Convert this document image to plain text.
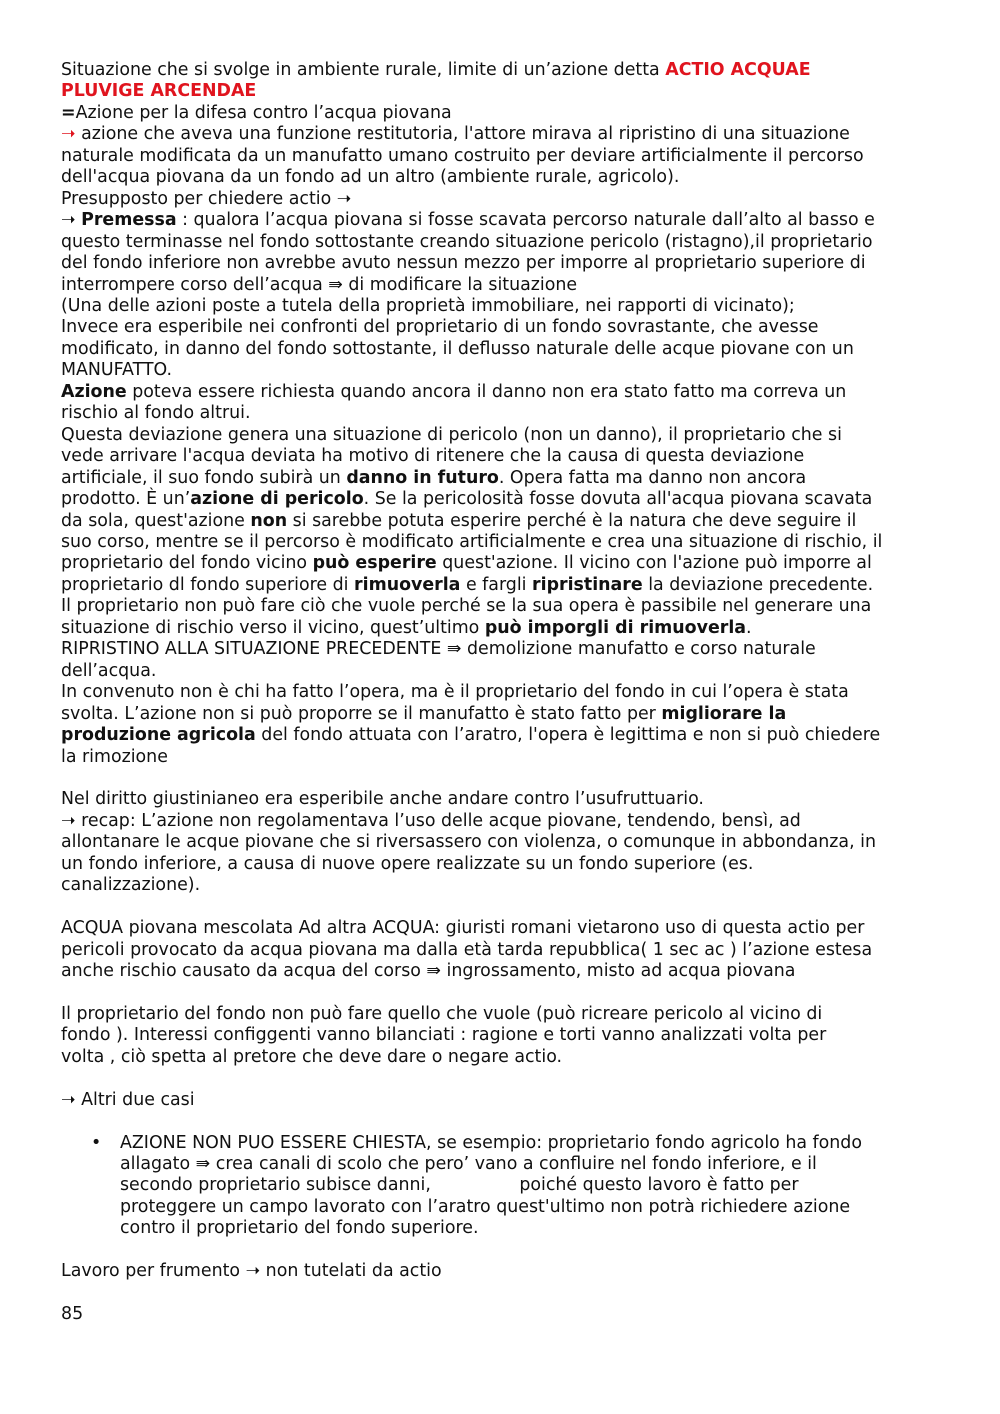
Situazione che si svolge in ambiente rurale, limite di un’azione detta ACTIO ACQUAE
PLUVIGE ARCENDAE
=Azione per la difesa contro l’acqua piovana
➝ azione che aveva una funzione restitutoria, l'attore mirava al ripristino di una situazione
naturale modificata da un manufatto umano costruito per deviare artificialmente il percorso
dell'acqua piovana da un fondo ad un altro (ambiente rurale, agricolo).
Presupposto per chiedere actio ➝
➝ Premessa : qualora l’acqua piovana si fosse scavata percorso naturale dall’alto al basso e
questo terminasse nel fondo sottostante creando situazione pericolo (ristagno),il proprietario
del fondo inferiore non avrebbe avuto nessun mezzo per imporre al proprietario superiore di
interrompere corso dell’acqua ⇛ di modificare la situazione
(Una delle azioni poste a tutela della proprietà immobiliare, nei rapporti di vicinato);
Invece era esperibile nei confronti del proprietario di un fondo sovrastante, che avesse
modificato, in danno del fondo sottostante, il deflusso naturale delle acque piovane con un
MANUFATTO.
Azione poteva essere richiesta quando ancora il danno non era stato fatto ma correva un
rischio al fondo altrui.
Questa deviazione genera una situazione di pericolo (non un danno), il proprietario che si
vede arrivare l'acqua deviata ha motivo di ritenere che la causa di questa deviazione
artificiale, il suo fondo subirà un danno in futuro. Opera fatta ma danno non ancora
prodotto. È un’azione di pericolo. Se la pericolosità fosse dovuta all'acqua piovana scavata
da sola, quest'azione non si sarebbe potuta esperire perché è la natura che deve seguire il
suo corso, mentre se il percorso è modificato artificialmente e crea una situazione di rischio, il
proprietario del fondo vicino può esperire quest'azione. Il vicino con l'azione può imporre al
proprietario dl fondo superiore di rimuoverla e fargli ripristinare la deviazione precedente.
Il proprietario non può fare ciò che vuole perché se la sua opera è passibile nel generare una
situazione di rischio verso il vicino, quest’ultimo può imporgli di rimuoverla.
RIPRISTINO ALLA SITUAZIONE PRECEDENTE ⇛ demolizione manufatto e corso naturale
dell’acqua.
In convenuto non è chi ha fatto l’opera, ma è il proprietario del fondo in cui l’opera è stata
svolta. L’azione non si può proporre se il manufatto è stato fatto per migliorare la
produzione agricola del fondo attuata con l’aratro, l'opera è legittima e non si può chiedere
la rimozione
Nel diritto giustinianeo era esperibile anche andare contro l’usufruttuario.
➝ recap: L’azione non regolamentava l’uso delle acque piovane, tendendo, bensì, ad
allontanare le acque piovane che si riversassero con violenza, o comunque in abbondanza, in
un fondo inferiore, a causa di nuove opere realizzate su un fondo superiore (es.
canalizzazione).
ACQUA piovana mescolata Ad altra ACQUA: giuristi romani vietarono uso di questa actio per
pericoli provocato da acqua piovana ma dalla età tarda repubblica( 1 sec ac ) l’azione estesa
anche rischio causato da acqua del corso ⇛ ingrossamento, misto ad acqua piovana
Il proprietario del fondo non può fare quello che vuole (può ricreare pericolo al vicino di
fondo ). Interessi configgenti vanno bilanciati : ragione e torti vanno analizzati volta per
volta , ciò spetta al pretore che deve dare o negare actio.
➝ Altri due casi
• AZIONE NON PUO ESSERE CHIESTA, se esempio: proprietario fondo agricolo ha fondo
allagato ⇛ crea canali di scolo che pero’ vano a confluire nel fondo inferiore, e il
secondo proprietario subisce danni,                poiché questo lavoro è fatto per
proteggere un campo lavorato con l’aratro quest'ultimo non potrà richiedere azione
contro il proprietario del fondo superiore.
Lavoro per frumento ➝ non tutelati da actio
85
